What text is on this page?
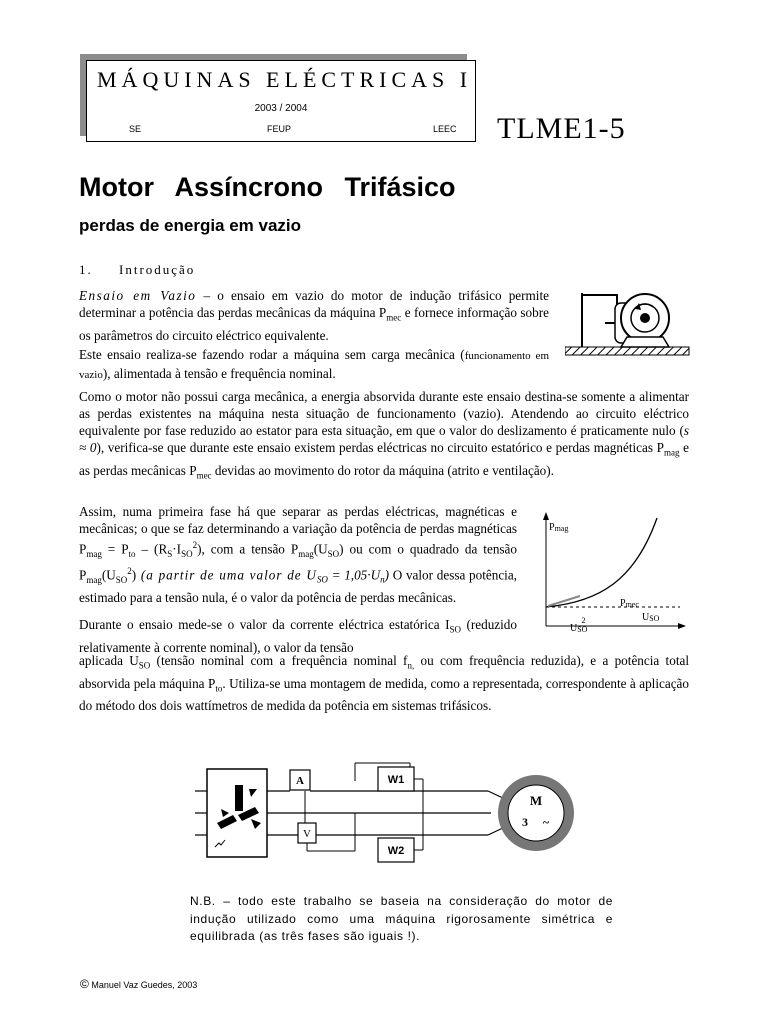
MÁQUINAS ELÉCTRICAS I
2003 / 2004
SE	FEUP	LEEC TLME1-5
Motor Assíncrono Trifásico
perdas de energia em vazio
1. Introdução
Ensaio em Vazio – o ensaio em vazio do motor de indução trifásico permite determinar a potência das perdas mecânicas da máquina $P_{mec}$ e fornece informação sobre os parâmetros do circuito eléctrico equivalente.
Este ensaio realiza-se fazendo rodar a máquina sem carga mecânica (funcionamento em vazio), alimentada à tensão e frequência nominal.
Como o motor não possui carga mecânica, a energia absorvida durante este ensaio destina-se somente a alimentar as perdas existentes na máquina nesta situação de funcionamento (vazio). Atendendo ao circuito eléctrico equivalente por fase reduzido ao estator para esta situação, em que o valor do deslizamento é praticamente nulo (s ≈ 0), verifica-se que durante este ensaio existem perdas eléctricas no circuito estatórico e perdas magnéticas $P_{mag}$ e as perdas mecânicas $P_{mec}$ devidas ao movimento do rotor da máquina (atrito e ventilação).
Assim, numa primeira fase há que separar as perdas eléctricas, magnéticas e mecânicas; o que se faz determinando a variação da potência de perdas magnéticas $P_{mag} = P_{to} - (R_S\cdot I_{SO}^2)$, com a tensão $P_{mag}(U_{SO})$ ou com o quadrado da tensão $P_{mag}(U_{SO}^2)$ (a partir de uma valor de $U_{SO} = 1,05\cdot U_n$) O valor dessa potência, estimado para a tensão nula, é o valor da potência de perdas mecânicas.
Durante o ensaio mede-se o valor da corrente eléctrica estatórica $I_{SO}$ (reduzido relativamente à corrente nominal), o valor da tensão
aplicada $U_{SO}$ (tensão nominal com a frequência nominal $f_{n,}$ ou com frequência reduzida), e a potência total absorvida pela máquina $P_{to}$. Utiliza-se uma montagem de medida, como a representada, correspondente à aplicação do método dos dois wattímetros de medida da potência em sistemas trifásicos.
Pmag
Pmec
USO
USO2
A
V
W1
W2
M
3 ~
N.B. – todo este trabalho se baseia na consideração do motor de indução utilizado como uma máquina rigorosamente simétrica e equilibrada (as três fases são iguais !).
© Manuel Vaz Guedes, 2003
